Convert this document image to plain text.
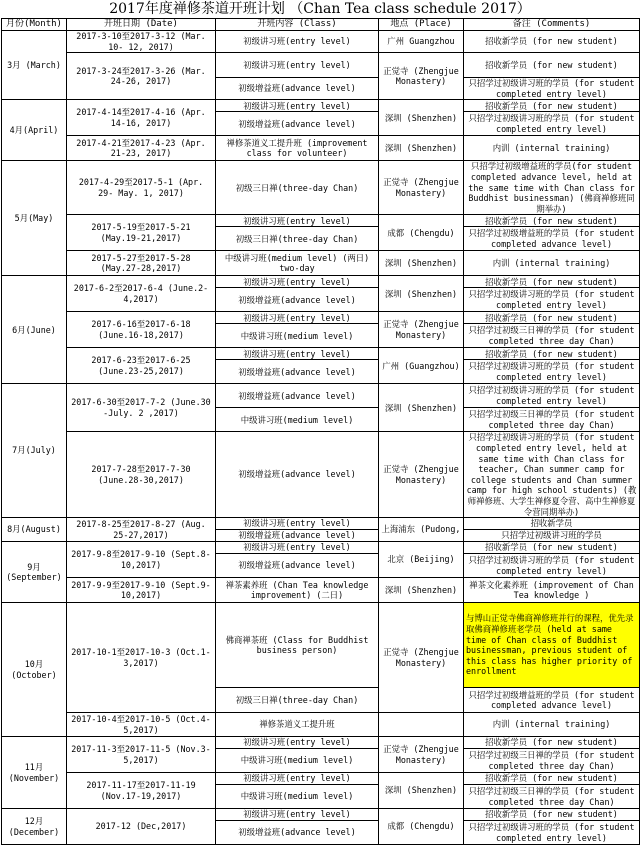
2017年度禅修茶道开班计划 （Chan Tea class schedule 2017）
月份(Month)	开班日期 (Date)	开班内容 (Class)	地点 (Place)	备注 (Comments)
3月 (March)	2017-3-10至2017-3-12 (Mar. 10- 12, 2017)	初级讲习班(entry level)	广州 Guangzhou	招收新学员 (for new student)
	2017-3-24至2017-3-26 (Mar. 24-26, 2017)	初级讲习班(entry level)	正觉寺 (Zhengjue Monastery)	招收新学员 (for new student)
		初级增益班(advance level)		只招学过初级讲习班的学员 (for student completed entry level)
4月(April)	2017-4-14至2017-4-16 (Apr. 14-16, 2017)	初级讲习班(entry level)	深圳 (Shenzhen)	招收新学员 (for new student)
		初级增益班(advance level)		只招学过初级讲习班的学员 (for student completed entry level)
	2017-4-21至2017-4-23 (Apr. 21-23, 2017)	禅修茶道义工提升班 (improvement class for volunteer)	深圳 (Shenzhen)	内训 (internal training)
5月(May)	2017-4-29至2017-5-1 (Apr. 29- May. 1, 2017)	初级三日禅(three-day Chan)	正觉寺 (Zhengjue Monastery)	只招学过初级增益班的学员(for student completed advance level, held at the same time with Chan class for Buddhist businessman) (佛商禅修班同期举办)
	2017-5-19至2017-5-21 (May.19-21,2017)	初级讲习班(entry level)	成都 (Chengdu)	招收新学员 (for new student)
		初级三日禅(three-day Chan)		只招学过初级增益班的学员 (for student completed advance level)
	2017-5-27至2017-5-28 (May.27-28,2017)	中级讲习班(medium level) (两日) two-day	深圳 (Shenzhen)	内训 (internal training)
6月(June)	2017-6-2至2017-6-4 (June.2-4,2017)	初级讲习班(entry level)	深圳 (Shenzhen)	招收新学员 (for new student)
		初级增益班(advance level)		只招学过初级讲习班的学员 (for student completed entry level)
	2017-6-16至2017-6-18 (June.16-18,2017)	初级讲习班(entry level)	正觉寺 (Zhengjue Monastery)	招收新学员 (for new student)
		中级讲习班(medium level)		只招学过初级三日禅的学员 (for student completed three day Chan)
	2017-6-23至2017-6-25 (June.23-25,2017)	初级讲习班(entry level)	广州 (Guangzhou)	招收新学员 (for new student)
		初级增益班(advance level)		只招学过初级讲习班的学员 (for student completed entry level)
7月(July)	2017-6-30至2017-7-2 (June.30 -July. 2 ,2017)	初级增益班(advance level)	深圳 (Shenzhen)	只招学过初级讲习班的学员 (for student completed entry level)
		中级讲习班(medium level)		只招学过初级三日禅的学员 (for student completed three day Chan)
	2017-7-28至2017-7-30 (June.28-30,2017)	初级增益班(advance level)	正觉寺 (Zhengjue Monastery)	只招学过初级讲习班的学员 (for student completed entry level, held at same time with Chan class for teacher, Chan summer camp for college students and Chan summer camp for high school students) (教师禅修班、大学生禅修夏令营、高中生禅修夏令营同期举办)
8月(August)	2017-8-25至2017-8-27 (Aug. 25-27,2017)	初级讲习班(entry level)	上海浦东 (Pudong,	招收新学员
		初级增益班(advance level)		只招学过初级讲习班的学员
9月(September)	2017-9-8至2017-9-10 (Sept.8-10,2017)	初级讲习班(entry level)	北京 (Beijing)	招收新学员 (for new student)
		初级增益班(advance level)		只招学过初级讲习班的学员 (for student completed entry level)
	2017-9-9至2017-9-10 (Sept.9-10,2017)	禅茶素养班 (Chan Tea knowledge improvement) (二日)	深圳 (Shenzhen)	禅茶文化素养班 (improvement of Chan Tea knowledge )
10月(October)	2017-10-1至2017-10-3 (Oct.1-3,2017)	佛商禅茶班 (Class for Buddhist business person)	正觉寺 (Zhengjue Monastery)	与博山正觉寺佛商禅修班并行的课程，优先录取佛商禅修班老学员 (held at same time of Chan class of Buddhist businessman, previous student of this class has higher priority of enrollment
		初级三日禅(three-day Chan)		只招学过初级增益班的学员 (for student completed advance level)
	2017-10-4至2017-10-5 (Oct.4-5,2017)	禅修茶道义工提升班		内训 (internal training)
11月(November)	2017-11-3至2017-11-5 (Nov.3-5,2017)	初级讲习班(entry level)	正觉寺 (Zhengjue Monastery)	招收新学员 (for new student)
		中级讲习班(medium level)		只招学过初级三日禅的学员 (for student completed three day Chan)
	2017-11-17至2017-11-19 (Nov.17-19,2017)	初级讲习班(entry level)	深圳 (Shenzhen)	招收新学员 (for new student)
		中级讲习班(medium level)		只招学过初级三日禅的学员 (for student completed three day Chan)
12月 (December)	2017-12 (Dec,2017)	初级讲习班(entry level)	成都 (Chengdu)	招收新学员 (for new student)
		初级增益班(advance level)		只招学过初级讲习班的学员 (for student completed entry level)
